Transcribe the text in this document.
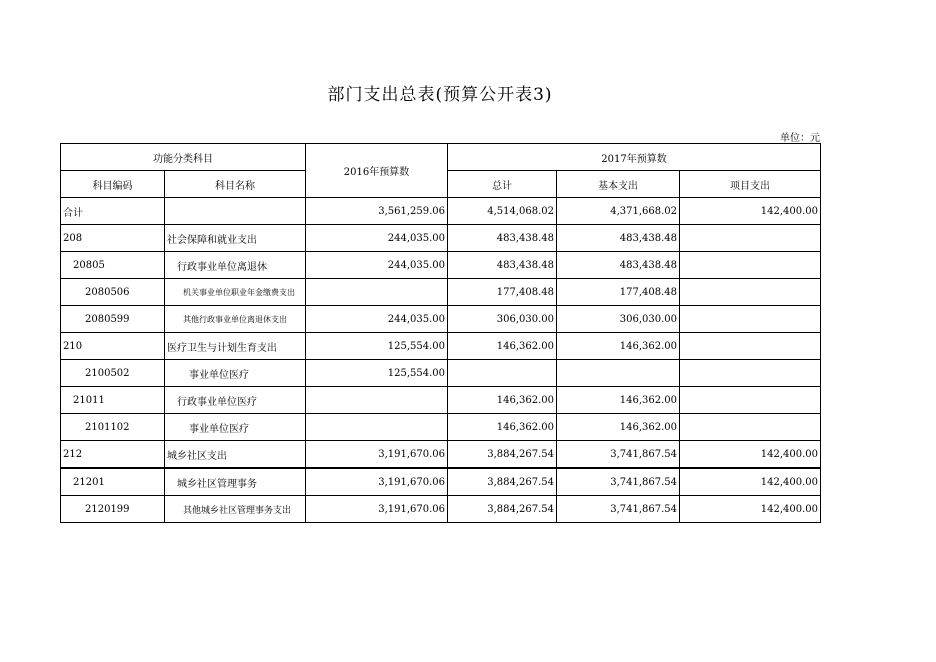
部门支出总表(预算公开表3)
单位：元
功能分类科目		2016年预算数	2017年预算数		
科目编码	科目名称		总计	基本支出	项目支出
合计		3,561,259.06	4,514,068.02	4,371,668.02	142,400.00
208	社会保障和就业支出	244,035.00	483,438.48	483,438.48	
20805	行政事业单位离退休	244,035.00	483,438.48	483,438.48	
2080506	机关事业单位职业年金缴费支出		177,408.48	177,408.48	
2080599	其他行政事业单位离退休支出	244,035.00	306,030.00	306,030.00	
210	医疗卫生与计划生育支出	125,554.00	146,362.00	146,362.00	
2100502	事业单位医疗	125,554.00			
21011	行政事业单位医疗		146,362.00	146,362.00	
2101102	事业单位医疗		146,362.00	146,362.00	
212	城乡社区支出	3,191,670.06	3,884,267.54	3,741,867.54	142,400.00
21201	城乡社区管理事务	3,191,670.06	3,884,267.54	3,741,867.54	142,400.00
2120199	其他城乡社区管理事务支出	3,191,670.06	3,884,267.54	3,741,867.54	142,400.00
